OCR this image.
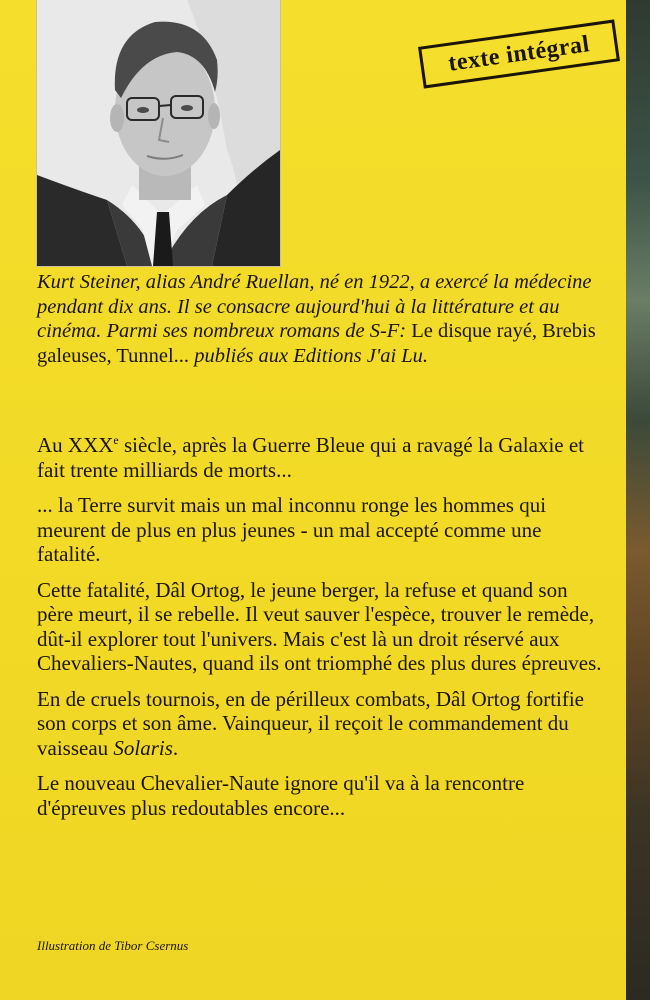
texte intégral
Kurt Steiner, alias André Ruellan, né en 1922, a exercé la médecine pendant dix ans. Il se consacre aujourd'hui à la littérature et au cinéma. Parmi ses nombreux romans de S-F: Le disque rayé, Brebis galeuses, Tunnel... publiés aux Editions J'ai Lu.

Au XXXe siècle, après la Guerre Bleue qui a ravagé la Galaxie et fait trente milliards de morts...

... la Terre survit mais un mal inconnu ronge les hommes qui meurent de plus en plus jeunes - un mal accepté comme une fatalité.

Cette fatalité, Dâl Ortog, le jeune berger, la refuse et quand son père meurt, il se rebelle. Il veut sauver l'espèce, trouver le remède, dût-il explorer tout l'univers. Mais c'est là un droit réservé aux Chevaliers-Nautes, quand ils ont triomphé des plus dures épreuves.

En de cruels tournois, en de périlleux combats, Dâl Ortog fortifie son corps et son âme. Vainqueur, il reçoit le commandement du vaisseau Solaris.

Le nouveau Chevalier-Naute ignore qu'il va à la rencontre d'épreuves plus redoutables encore...

Illustration de Tibor Csernus
